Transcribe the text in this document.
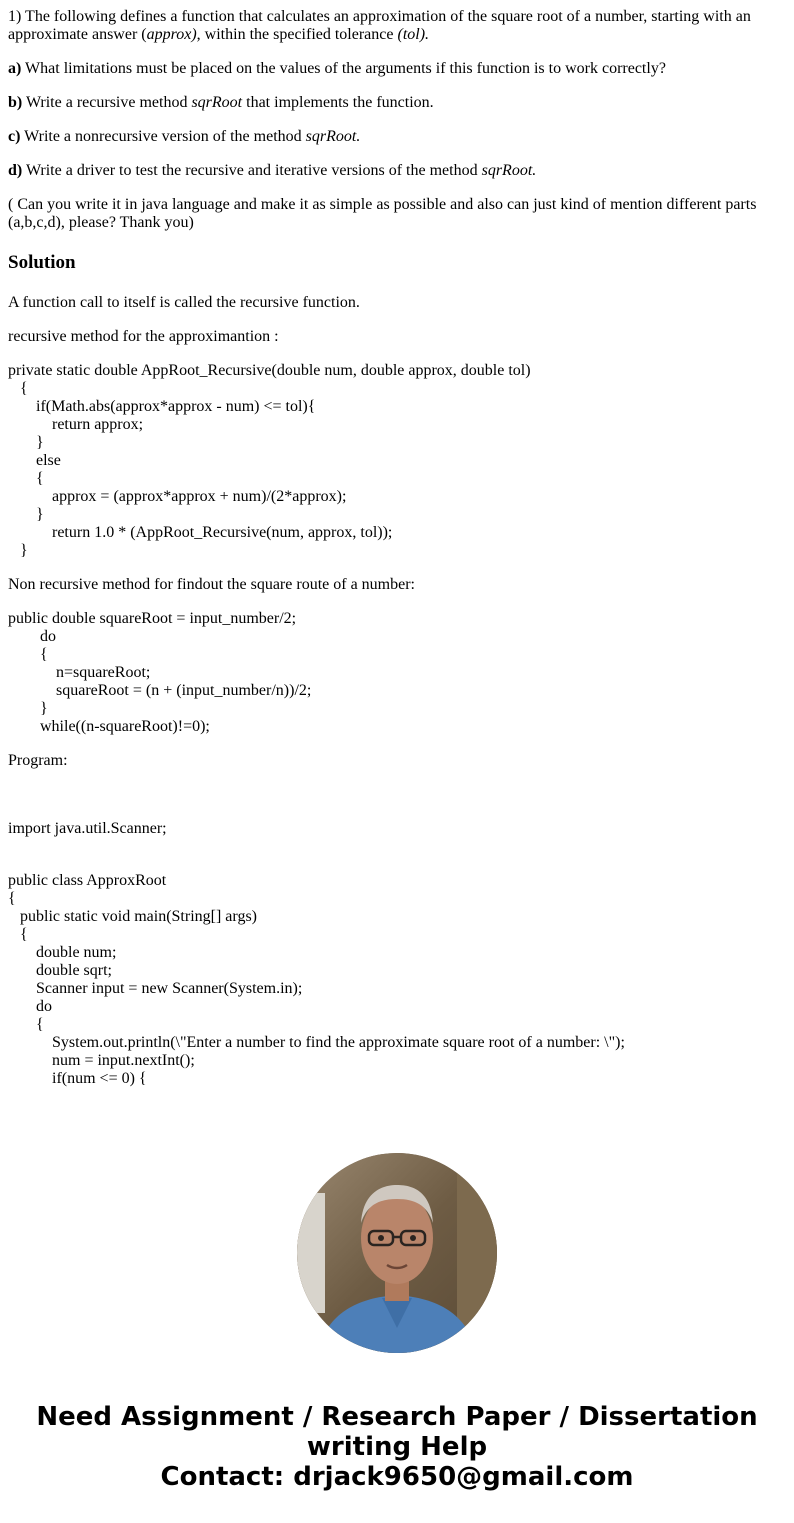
1) The following defines a function that calculates an approximation of the square root of a number, starting with an approximate answer (approx), within the specified tolerance (tol).

a) What limitations must be placed on the values of the arguments if this function is to work correctly?

b) Write a recursive method sqrRoot that implements the function.

c) Write a nonrecursive version of the method sqrRoot.

d) Write a driver to test the recursive and iterative versions of the method sqrRoot.

( Can you write it in java language and make it as simple as possible and also can just kind of mention different parts (a,b,c,d), please? Thank you)

Solution

A function call to itself is called the recursive function.

recursive method for the approximantion :

private static double AppRoot_Recursive(double num, double approx, double tol)
{
if(Math.abs(approx*approx - num) <= tol){
return approx;
}
else
{
approx = (approx*approx + num)/(2*approx);
}
return 1.0 * (AppRoot_Recursive(num, approx, tol));
}

Non recursive method for findout the square route of a number:

public double squareRoot = input_number/2;
do
{
n=squareRoot;
squareRoot = (n + (input_number/n))/2;
}
while((n-squareRoot)!=0);

Program:

import java.util.Scanner;
public class ApproxRoot
{
public static void main(String[] args)
{
double num;
double sqrt;
Scanner input = new Scanner(System.in);
do
{
System.out.println(\"Enter a number to find the approximate square root of a number: \");
num = input.nextInt();
if(num <= 0) {
Need Assignment / Research Paper / Dissertation
writing Help
Contact: drjack9650@gmail.com
